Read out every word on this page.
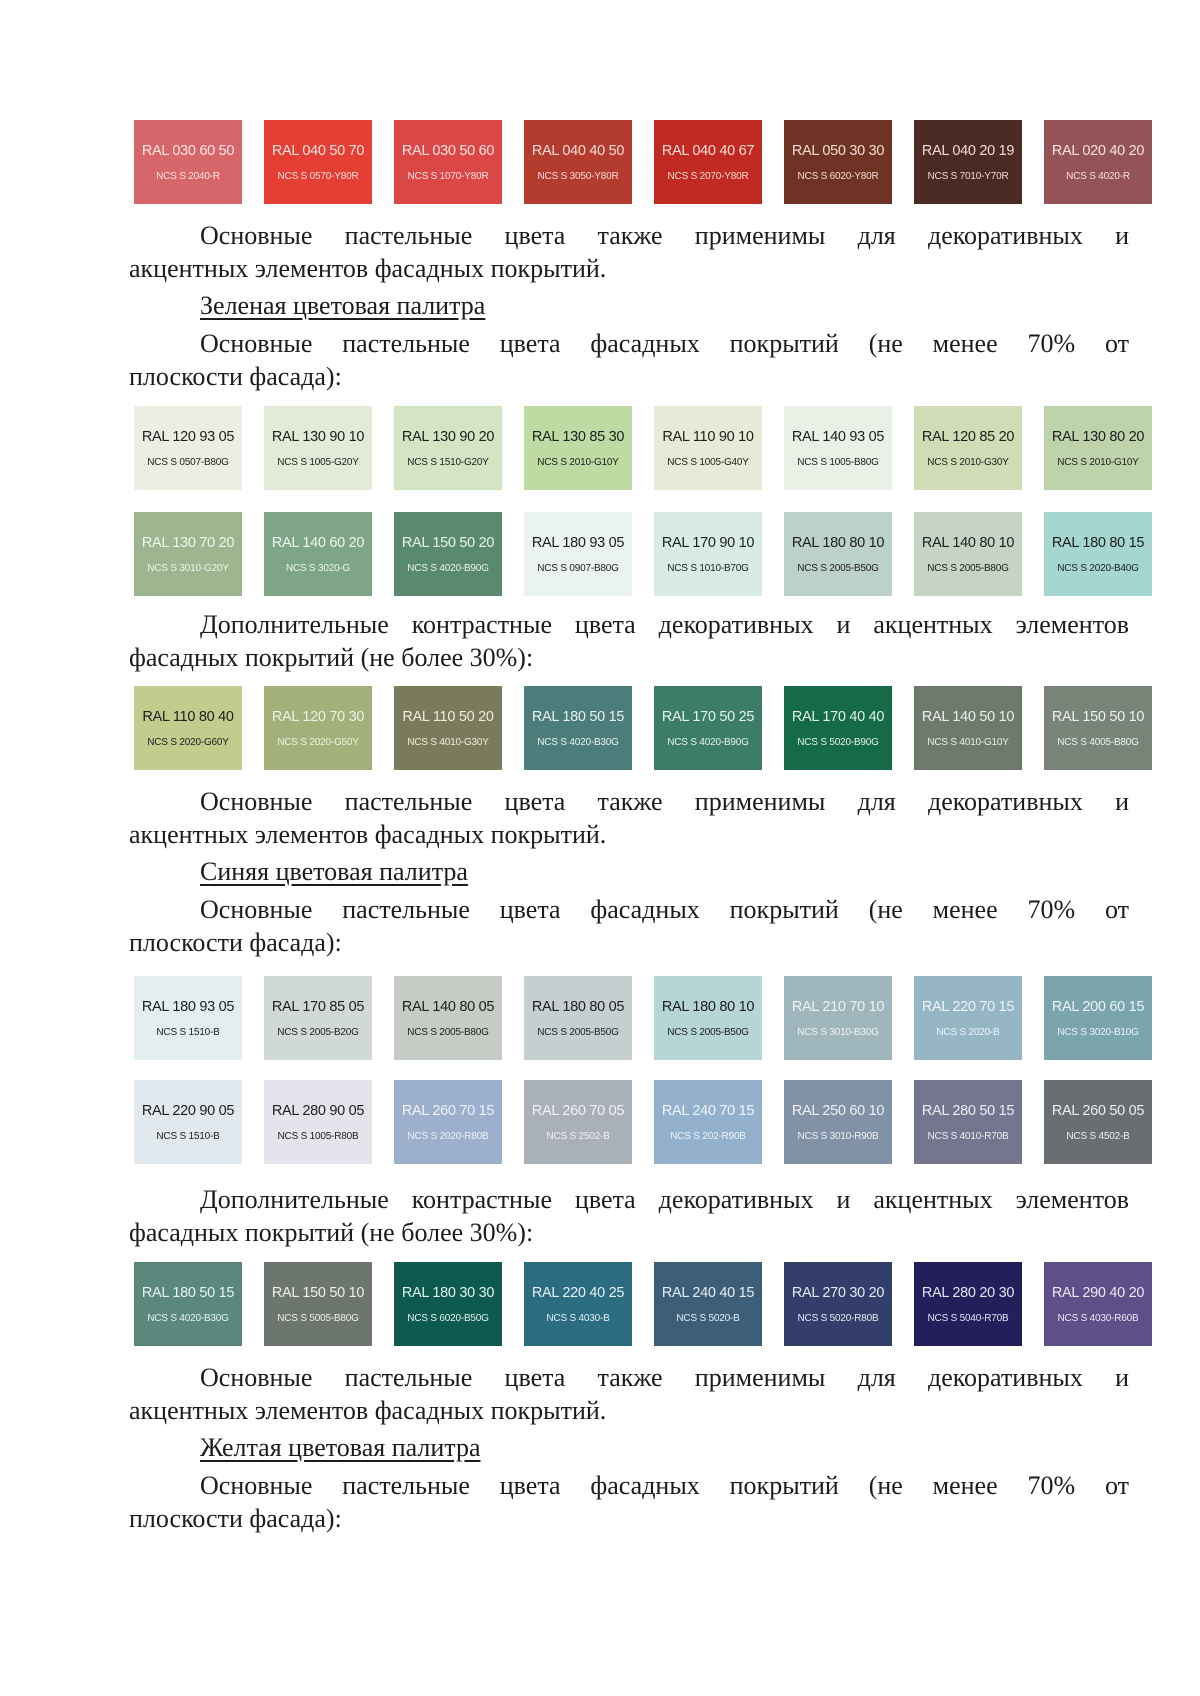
RAL 030 60 50
NCS S 2040-R
RAL 040 50 70
NCS S 0570-Y80R
RAL 030 50 60
NCS S 1070-Y80R
RAL 040 40 50
NCS S 3050-Y80R
RAL 040 40 67
NCS S 2070-Y80R
RAL 050 30 30
NCS S 6020-Y80R
RAL 040 20 19
NCS S 7010-Y70R
RAL 020 40 20
NCS S 4020-R

Основные пастельные цвета также применимы для декоративных и
акцентных элементов фасадных покрытий.

Зеленая цветовая палитра

Основные пастельные цвета фасадных покрытий (не менее 70% от
плоскости фасада):

RAL 120 93 05
NCS S 0507-B80G
RAL 130 90 10
NCS S 1005-G20Y
RAL 130 90 20
NCS S 1510-G20Y
RAL 130 85 30
NCS S 2010-G10Y
RAL 110 90 10
NCS S 1005-G40Y
RAL 140 93 05
NCS S 1005-B80G
RAL 120 85 20
NCS S 2010-G30Y
RAL 130 80 20
NCS S 2010-G10Y
RAL 130 70 20
NCS S 3010-G20Y
RAL 140 60 20
NCS S 3020-G
RAL 150 50 20
NCS S 4020-B90G
RAL 180 93 05
NCS S 0907-B80G
RAL 170 90 10
NCS S 1010-B70G
RAL 180 80 10
NCS S 2005-B50G
RAL 140 80 10
NCS S 2005-B80G
RAL 180 80 15
NCS S 2020-B40G

Дополнительные контрастные цвета декоративных и акцентных элементов
фасадных покрытий (не более 30%):

RAL 110 80 40
NCS S 2020-G60Y
RAL 120 70 30
NCS S 2020-G50Y
RAL 110 50 20
NCS S 4010-G30Y
RAL 180 50 15
NCS S 4020-B30G
RAL 170 50 25
NCS S 4020-B90G
RAL 170 40 40
NCS S 5020-B90G
RAL 140 50 10
NCS S 4010-G10Y
RAL 150 50 10
NCS S 4005-B80G

Основные пастельные цвета также применимы для декоративных и
акцентных элементов фасадных покрытий.

Синяя цветовая палитра

Основные пастельные цвета фасадных покрытий (не менее 70% от
плоскости фасада):

RAL 180 93 05
NCS S 1510-B
RAL 170 85 05
NCS S 2005-B20G
RAL 140 80 05
NCS S 2005-B80G
RAL 180 80 05
NCS S 2005-B50G
RAL 180 80 10
NCS S 2005-B50G
RAL 210 70 10
NCS S 3010-B30G
RAL 220 70 15
NCS S 2020-B
RAL 200 60 15
NCS S 3020-B10G
RAL 220 90 05
NCS S 1510-B
RAL 280 90 05
NCS S 1005-R80B
RAL 260 70 15
NCS S 2020-R80B
RAL 260 70 05
NCS S 2502-B
RAL 240 70 15
NCS S 202-R90B
RAL 250 60 10
NCS S 3010-R90B
RAL 280 50 15
NCS S 4010-R70B
RAL 260 50 05
NCS S 4502-B

Дополнительные контрастные цвета декоративных и акцентных элементов
фасадных покрытий (не более 30%):

RAL 180 50 15
NCS S 4020-B30G
RAL 150 50 10
NCS S 5005-B80G
RAL 180 30 30
NCS S 6020-B50G
RAL 220 40 25
NCS S 4030-B
RAL 240 40 15
NCS S 5020-B
RAL 270 30 20
NCS S 5020-R80B
RAL 280 20 30
NCS S 5040-R70B
RAL 290 40 20
NCS S 4030-R60B

Основные пастельные цвета также применимы для декоративных и
акцентных элементов фасадных покрытий.

Желтая цветовая палитра

Основные пастельные цвета фасадных покрытий (не менее 70% от
плоскости фасада):
